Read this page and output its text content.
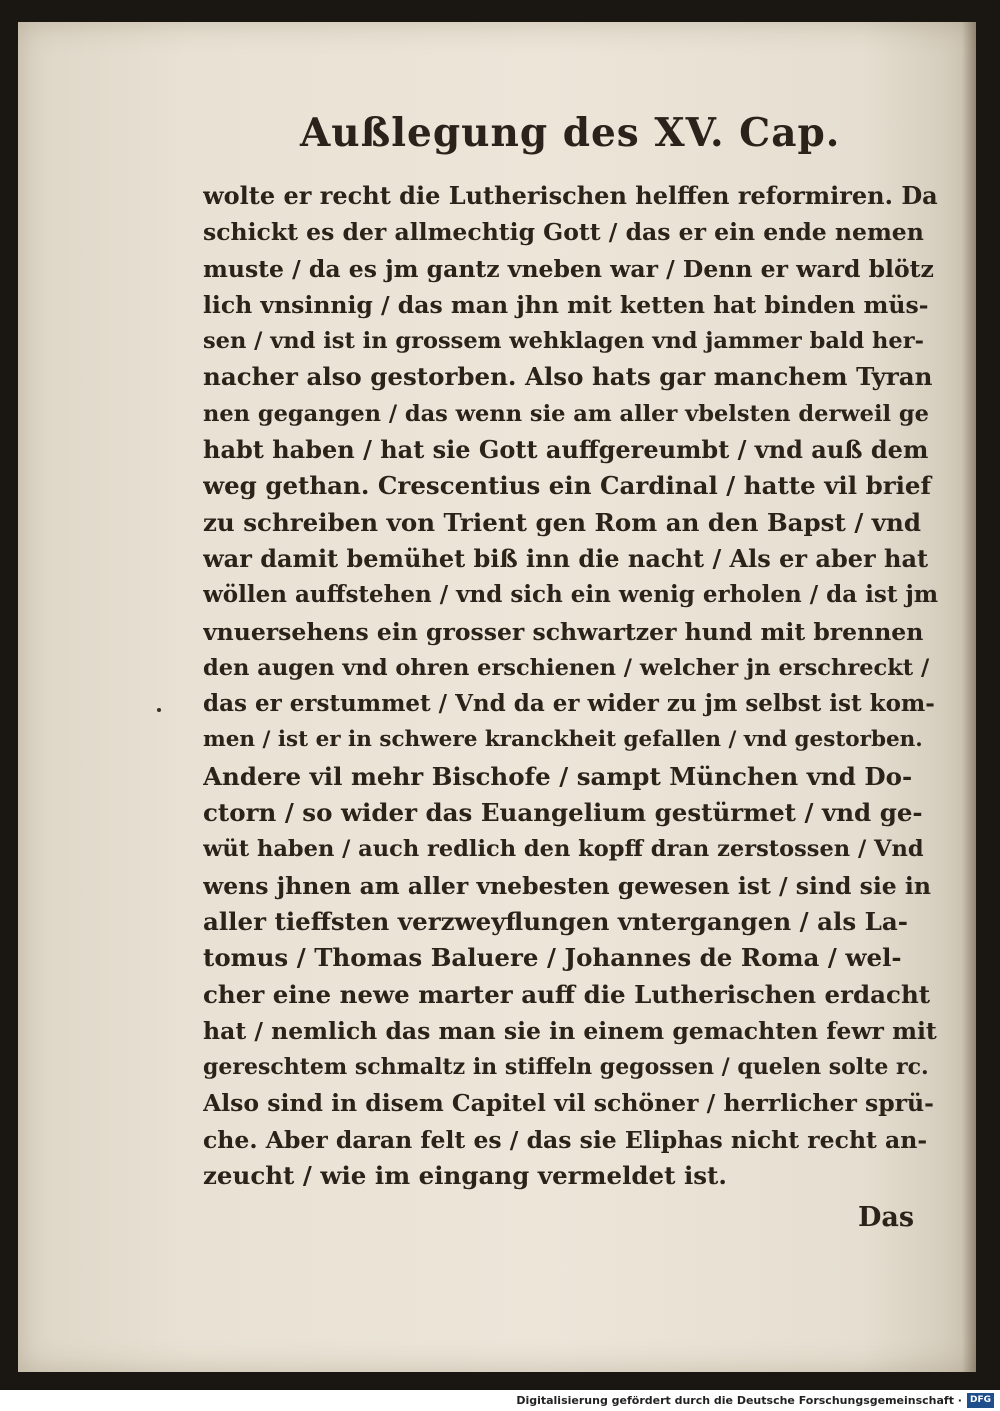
Außlegung des XV. Cap.
wolte er recht die Lutherischen helffen reformiren. Da
schickt es der allmechtig Gott / das er ein ende nemen
muste / da es jm gantz vneben war / Denn er ward blötz
lich vnsinnig / das man jhn mit ketten hat binden müs-
sen / vnd ist in grossem wehklagen vnd jammer bald her-
nacher also gestorben. Also hats gar manchem Tyran
nen gegangen / das wenn sie am aller vbelsten derweil ge
habt haben / hat sie Gott auffgereumbt / vnd auß dem
weg gethan. Crescentius ein Cardinal / hatte vil brief
zu schreiben von Trient gen Rom an den Bapst / vnd
war damit bemühet biß inn die nacht / Als er aber hat
wöllen auffstehen / vnd sich ein wenig erholen / da ist jm
vnuersehens ein grosser schwartzer hund mit brennen
den augen vnd ohren erschienen / welcher jn erschreckt /
das er erstummet / Vnd da er wider zu jm selbst ist kom-
men / ist er in schwere kranckheit gefallen / vnd gestorben.
Andere vil mehr Bischofe / sampt München vnd Do-
ctorn / so wider das Euangelium gestürmet / vnd ge-
wüt haben / auch redlich den kopff dran zerstossen / Vnd
wens jhnen am aller vnebesten gewesen ist / sind sie in
aller tieffsten verzweyflungen vntergangen / als La-
tomus / Thomas Baluere / Johannes de Roma / wel-
cher eine newe marter auff die Lutherischen erdacht
hat / nemlich das man sie in einem gemachten fewr mit
gereschtem schmaltz in stiffeln gegossen / quelen solte rc.
Also sind in disem Capitel vil schöner / herrlicher sprü-
che. Aber daran felt es / das sie Eliphas nicht recht an-
zeucht / wie im eingang vermeldet ist.
Das
Digitalisierung gefördert durch die Deutsche Forschungsgemeinschaft · DFG
